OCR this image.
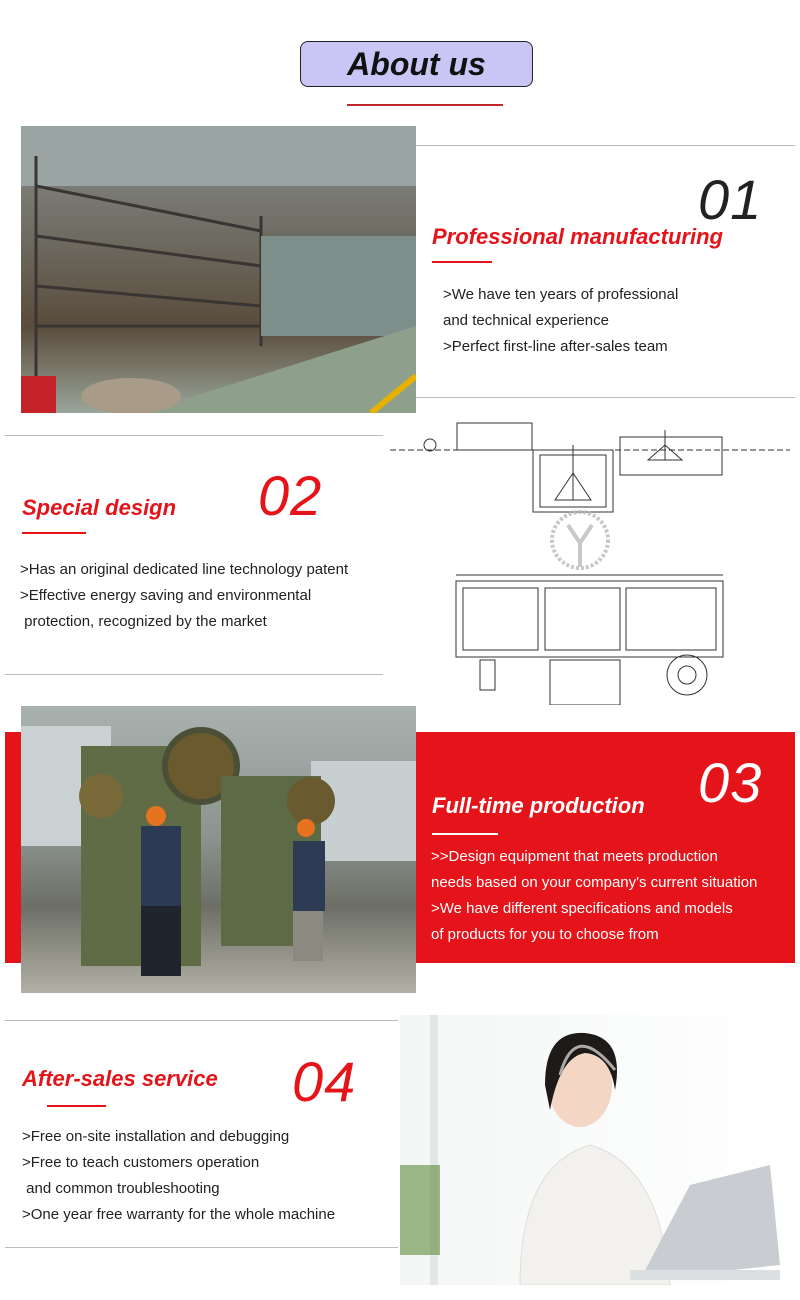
About us
01
Professional manufacturing
>We have ten years of professional
and technical experience
>Perfect first-line after-sales team
Special design 02
>Has an original dedicated line technology patent
>Effective energy saving and environmental
protection, recognized by the market
03
Full-time production
>>Design equipment that meets production
needs based on your company's current situation
>We have different specifications and models
of products for you to choose from
After-sales service 04
>Free on-site installation and debugging
>Free to teach customers operation
and common troubleshooting
>One year free warranty for the whole machine
